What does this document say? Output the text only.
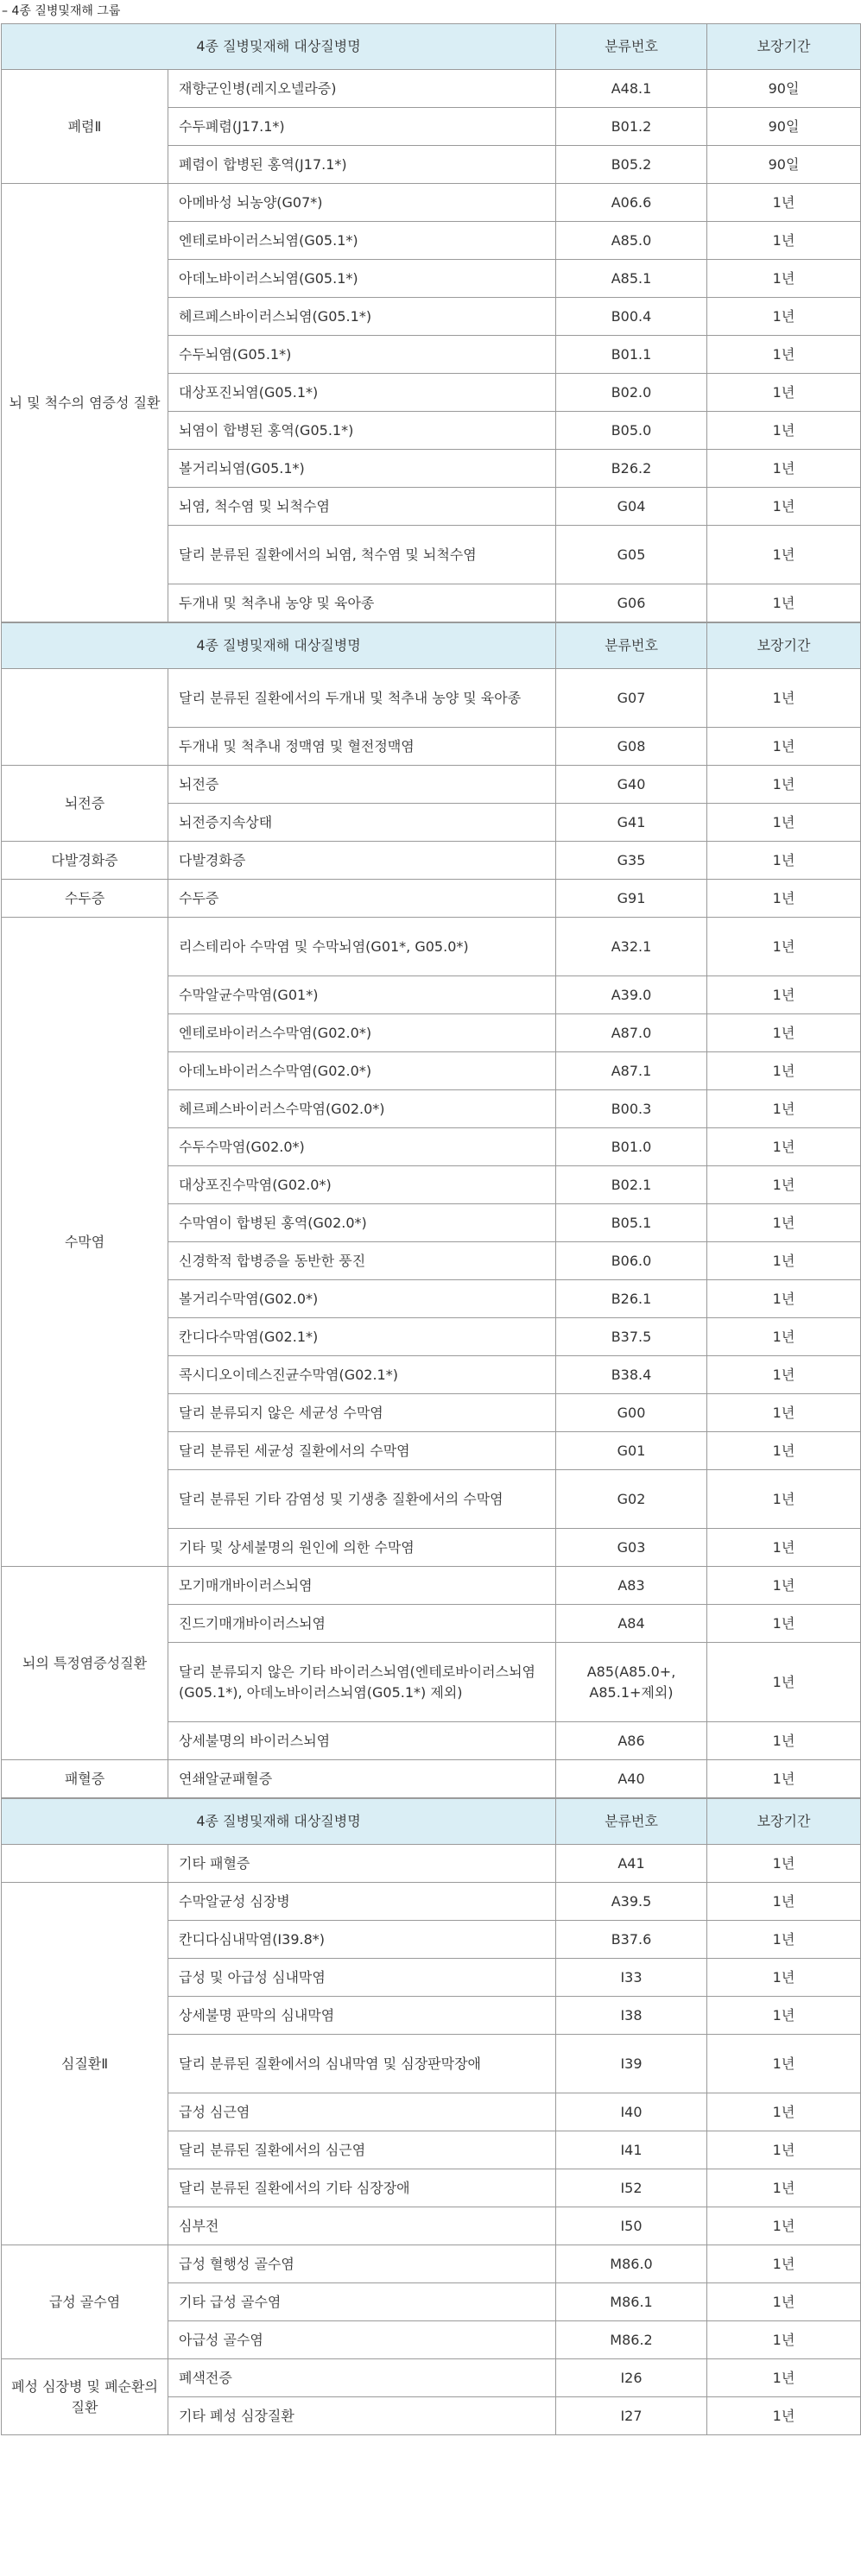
– 4종 질병및재해 그룹
4종 질병및재해 대상질병명		분류번호	보장기간
폐렴Ⅱ	재향군인병(레지오넬라증)	A48.1	90일
	수두폐렴(J17.1*)	B01.2	90일
	폐렴이 합병된 홍역(J17.1*)	B05.2	90일
뇌 및 척수의 염증성 질환	아메바성 뇌농양(G07*)	A06.6	1년
	엔테로바이러스뇌염(G05.1*)	A85.0	1년
	아데노바이러스뇌염(G05.1*)	A85.1	1년
	헤르페스바이러스뇌염(G05.1*)	B00.4	1년
	수두뇌염(G05.1*)	B01.1	1년
	대상포진뇌염(G05.1*)	B02.0	1년
	뇌염이 합병된 홍역(G05.1*)	B05.0	1년
	볼거리뇌염(G05.1*)	B26.2	1년
	뇌염, 척수염 및 뇌척수염	G04	1년
	달리 분류된 질환에서의 뇌염, 척수염 및 뇌척수염	G05	1년
	두개내 및 척추내 농양 및 육아종	G06	1년
4종 질병및재해 대상질병명		분류번호	보장기간
	달리 분류된 질환에서의 두개내 및 척추내 농양 및 육아종	G07	1년
	두개내 및 척추내 정맥염 및 혈전정맥염	G08	1년
뇌전증	뇌전증	G40	1년
	뇌전증지속상태	G41	1년
다발경화증	다발경화증	G35	1년
수두증	수두증	G91	1년
수막염	리스테리아 수막염 및 수막뇌염(G01*, G05.0*)	A32.1	1년
	수막알균수막염(G01*)	A39.0	1년
	엔테로바이러스수막염(G02.0*)	A87.0	1년
	아데노바이러스수막염(G02.0*)	A87.1	1년
	헤르페스바이러스수막염(G02.0*)	B00.3	1년
	수두수막염(G02.0*)	B01.0	1년
	대상포진수막염(G02.0*)	B02.1	1년
	수막염이 합병된 홍역(G02.0*)	B05.1	1년
	신경학적 합병증을 동반한 풍진	B06.0	1년
	볼거리수막염(G02.0*)	B26.1	1년
	칸디다수막염(G02.1*)	B37.5	1년
	콕시디오이데스진균수막염(G02.1*)	B38.4	1년
	달리 분류되지 않은 세균성 수막염	G00	1년
	달리 분류된 세균성 질환에서의 수막염	G01	1년
	달리 분류된 기타 감염성 및 기생충 질환에서의 수막염	G02	1년
	기타 및 상세불명의 원인에 의한 수막염	G03	1년
뇌의 특정염증성질환	모기매개바이러스뇌염	A83	1년
	진드기매개바이러스뇌염	A84	1년
	달리 분류되지 않은 기타 바이러스뇌염(엔테로바이러스뇌염(G05.1*), 아데노바이러스뇌염(G05.1*) 제외)	A85(A85.0+, A85.1+제외)	1년
	상세불명의 바이러스뇌염	A86	1년
패혈증	연쇄알균패혈증	A40	1년
4종 질병및재해 대상질병명		분류번호	보장기간
	기타 패혈증	A41	1년
심질환Ⅱ	수막알균성 심장병	A39.5	1년
	칸디다심내막염(I39.8*)	B37.6	1년
	급성 및 아급성 심내막염	I33	1년
	상세불명 판막의 심내막염	I38	1년
	달리 분류된 질환에서의 심내막염 및 심장판막장애	I39	1년
	급성 심근염	I40	1년
	달리 분류된 질환에서의 심근염	I41	1년
	달리 분류된 질환에서의 기타 심장장애	I52	1년
	심부전	I50	1년
급성 골수염	급성 혈행성 골수염	M86.0	1년
	기타 급성 골수염	M86.1	1년
	아급성 골수염	M86.2	1년
폐성 심장병 및 폐순환의 질환	폐색전증	I26	1년
	기타 폐성 심장질환	I27	1년
